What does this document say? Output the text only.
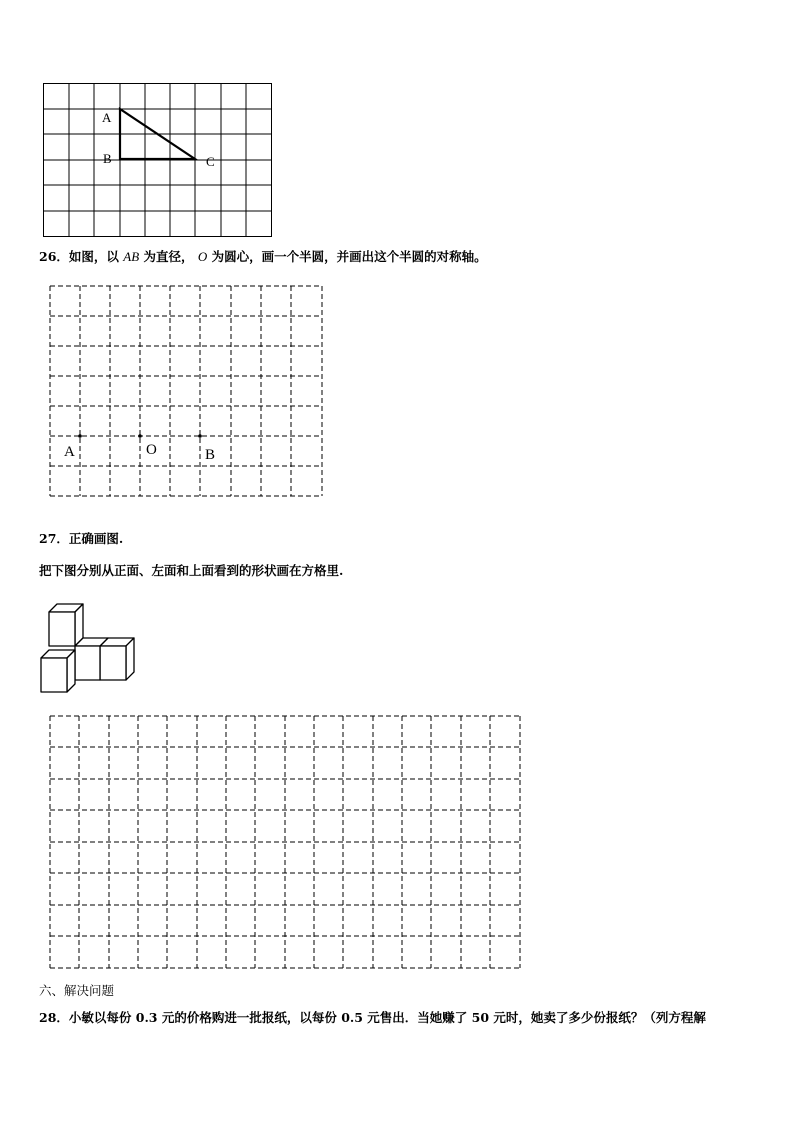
A
B	C
26．如图，以 AB 为直径， O 为圆心，画一个半圆，并画出这个半圆的对称轴。
A	O	B
27．正确画图.
把下图分别从正面、左面和上面看到的形状画在方格里.
六、解决问题
28．小敏以每份 0.3 元的价格购进一批报纸，以每份 0.5 元售出．当她赚了 50 元时，她卖了多少份报纸？（列方程解
